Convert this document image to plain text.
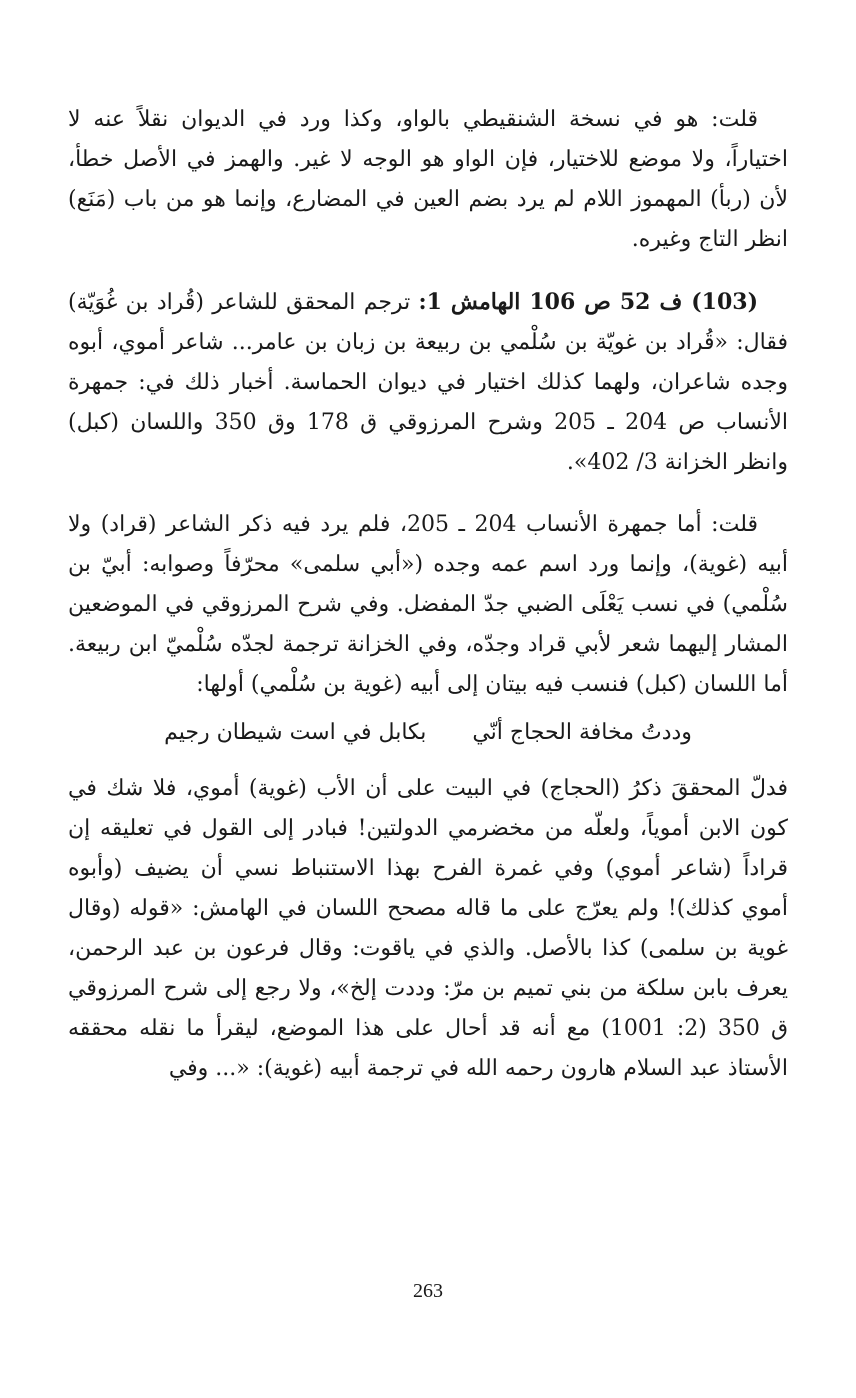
قلت: هو في نسخة الشنقيطي بالواو، وكذا ورد في الديوان نقلاً عنه لا اختياراً، ولا موضع للاختيار، فإن الواو هو الوجه لا غير. والهمز في الأصل خطأ، لأن (ربأ) المهموز اللام لم يرد بضم العين في المضارع، وإنما هو من باب (مَنَع) انظر التاج وغيره.

(103) ف 52 ص 106 الهامش 1: ترجم المحقق للشاعر (قُراد بن غُوَيّة) فقال: «قُراد بن غويّة بن سُلْمي بن ربيعة بن زبان بن عامر... شاعر أموي، أبوه وجده شاعران، ولهما كذلك اختيار في ديوان الحماسة. أخبار ذلك في: جمهرة الأنساب ص 204 ـ 205 وشرح المرزوقي ق 178 وق 350 واللسان (كبل) وانظر الخزانة 3/ 402».

قلت: أما جمهرة الأنساب 204 ـ 205، فلم يرد فيه ذكر الشاعر (قراد) ولا أبيه (غوية)، وإنما ورد اسم عمه وجده («أبي سلمى» محرّفاً وصوابه: أبيّ بن سُلْمي) في نسب يَعْلَى الضبي جدّ المفضل. وفي شرح المرزوقي في الموضعين المشار إليهما شعر لأبي قراد وجدّه، وفي الخزانة ترجمة لجدّه سُلْميّ ابن ربيعة. أما اللسان (كبل) فنسب فيه بيتان إلى أبيه (غوية بن سُلْمي) أولها:

وددتُ مخافة الحجاج أنّي
بكابل في است شيطان رجيم

فدلّ المحققَ ذكرُ (الحجاج) في البيت على أن الأب (غوية) أموي، فلا شك في كون الابن أموياً، ولعلّه من مخضرمي الدولتين! فبادر إلى القول في تعليقه إن قراداً (شاعر أموي) وفي غمرة الفرح بهذا الاستنباط نسي أن يضيف (وأبوه أموي كذلك)! ولم يعرّج على ما قاله مصحح اللسان في الهامش: «قوله (وقال غوية بن سلمى) كذا بالأصل. والذي في ياقوت: وقال فرعون بن عبد الرحمن، يعرف بابن سلكة من بني تميم بن مرّ: وددت إلخ»، ولا رجع إلى شرح المرزوقي ق 350 (2: 1001) مع أنه قد أحال على هذا الموضع، ليقرأ ما نقله محققه الأستاذ عبد السلام هارون رحمه الله في ترجمة أبيه (غوية): «... وفي

263
